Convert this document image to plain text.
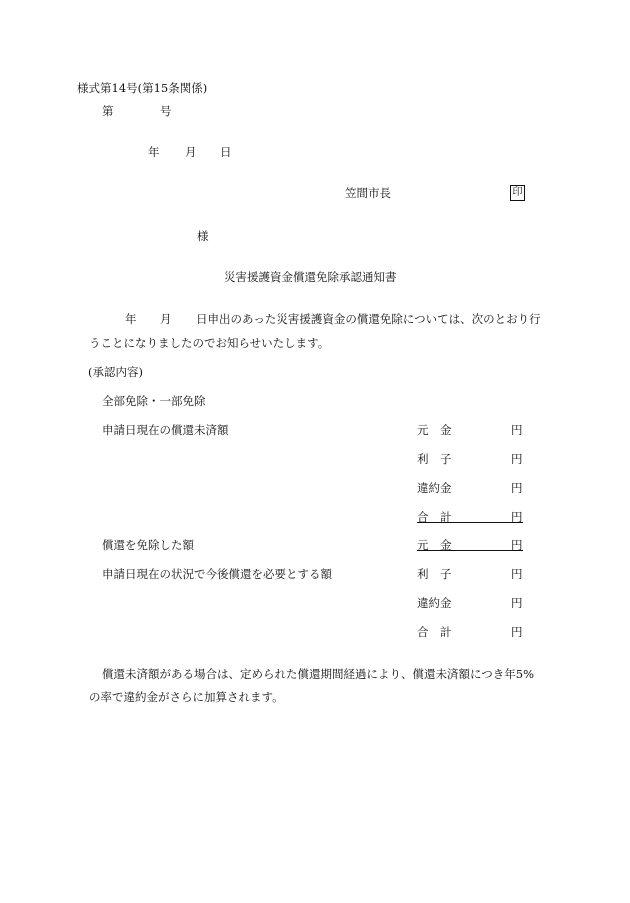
様式第14号(第15条関係)
第	号
年 月 日
笠間市長	印
様
災害援護資金償還免除承認通知書
年 月 日申出のあった災害援護資金の償還免除については、次のとおり行
うことになりましたのでお知らせいたします。
(承認内容)
全部免除・一部免除
申請日現在の償還未済額	元　金	円
利　子	円
違約金	円
合　計	円
償還を免除した額	元　金	円
申請日現在の状況で今後償還を必要とする額	利　子	円
違約金	円
合　計	円
償還未済額がある場合は、定められた償還期間経過により、償還未済額につき年5%
の率で違約金がさらに加算されます。
